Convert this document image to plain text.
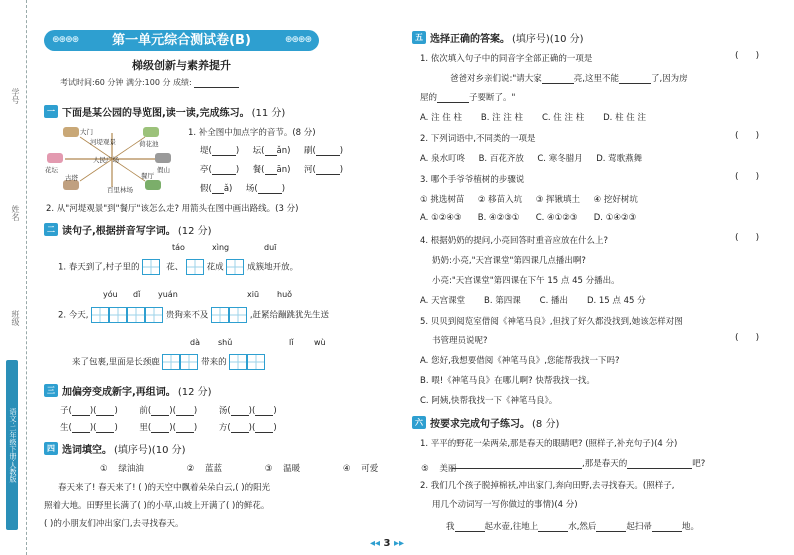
学号
姓名
班级
语文·二年级下册·人教版
⊛⊛⊛⊛	第一单元综合测试卷(B)	⊛⊛⊛⊛
梯级创新与素养提升
考试时间:60 分钟 满分:100 分 成绩:
一 下面是某公园的导览图,读一读,完成练习。 (11 分)
大门
河堤观景	荷花池
花坛
人民广场
假山
古塔
百里林场
餐厅
1. 补全图中加点字的音节。(8 分)
堤(	) 坛( ǎn) 刷(	)
亭(	) 餐( ān) 河(	)
假( ǎ) 场(	)
2. 从"河堤观景"到"餐厅"该怎么走? 用箭头在图中画出路线。(3 分)
二 读句子,根据拼音写字词。 (12 分)
táo	xìng	duī
1. 春天到了,村子里的	花、	花成	成簇地开放。
yóu dǐ yuán	xiū huǒ
2. 今天,	贵狗来不及	,赶紧给蹦跳犹先生送
dà shǔ	lǐ	wù
来了包裹,里面是长颈鹿	带来的
三 加偏旁变成新字,再组词。 (12 分)
子( )( )	前( )( )	汤( )( )
生( )( )	里( )( )	方( )( )
四 选词填空。 (填序号)(10 分)
① 绿油油	② 蓝蓝	③ 温暖	④ 可爱	⑤ 美丽
春天来了! 春天来了! ( )的天空中飘着朵朵白云,( )的阳光
照着大地。田野里长满了( )的小草,山坡上开满了( )的鲜花。
( )的小朋友们冲出家门,去寻找春天。
五 选择正确的答案。 (填序号)(10 分)
1. 依次填入句子中的同音字全部正确的一项是	(      )
爸爸对乡亲们说:"请大家	亮,这里不能	了,因为房
屋的	子要断了。"
A. 注 住 柱 B. 注 注 柱 C. 住 注 柱 D. 柱 住 注
2. 下列词语中,不同类的一项是	(      )
A. 泉水叮咚 B. 百花齐放 C. 寒冬腊月 D. 莺歌燕舞
3. 哪个手爷爷植树的步骤说	(      )
① 挑选树苗 ② 移苗入坑 ③ 挥锹填土 ④ 挖好树坑
A. ①②④③ B. ④②③① C. ④①②③ D. ①④②③
4. 根据奶奶的提问,小亮回答时重音应放在什么上?	(      )
奶奶:小亮,"天宫课堂"第四课几点播出啊?
小亮:"天宫课堂"第四课在下午 15 点 45 分播出。
A. 天宫课堂 B. 第四课 C. 播出 D. 15 点 45 分
5. 贝贝到阅览室借阅《神笔马良》,但找了好久都没找到,她该怎样对图
书管理员说呢?	(      )
A. 您好,我想要借阅《神笔马良》,您能帮我找一下吗?
B. 喂!《神笔马良》在哪儿啊? 快帮我找一找。
C. 阿姨,快帮我找一下《神笔马良》。
六 按要求完成句子练习。 (8 分)
1. 平平的野花一朵两朵,那是春天的眼睛吧? (照样子,补充句子)(4 分)
,那是春天的	吧?
2. 我们几个孩子脱掉棉袄,冲出家门,奔向田野,去寻找春天。(照样子,
用几个动词写一写你做过的事情)(4 分)
我	起水壶,往地上	水,然后	起扫帚	地。
◂◂ 3 ▸▸
